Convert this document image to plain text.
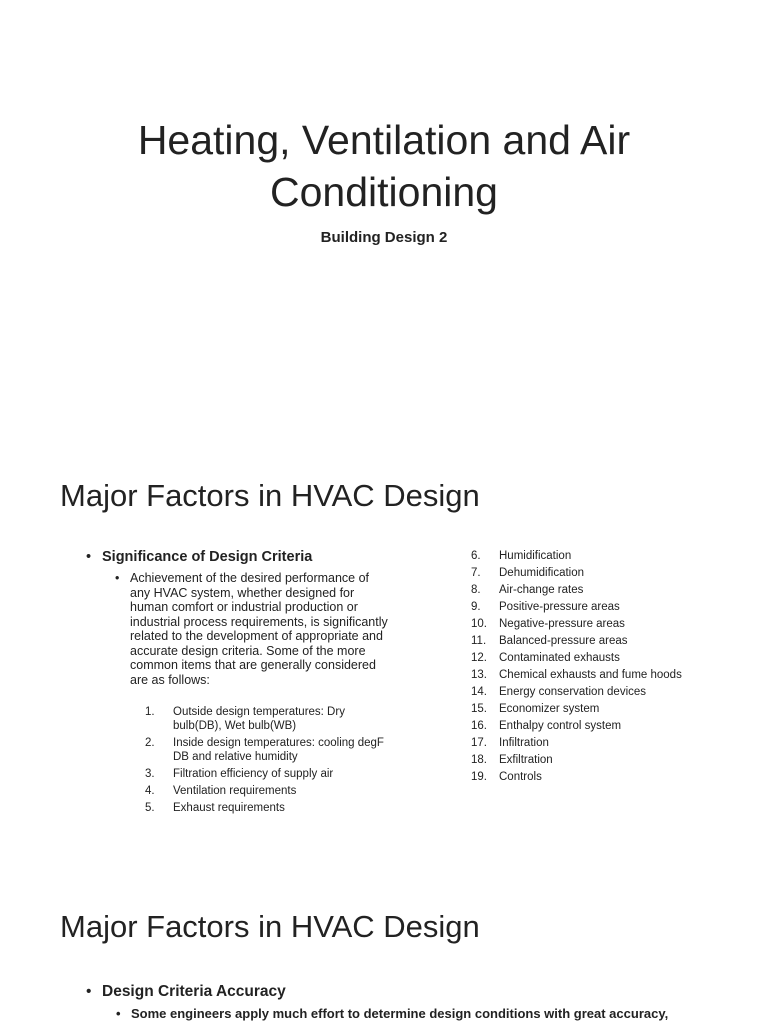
Heating, Ventilation and Air Conditioning

Building Design 2

Major Factors in HVAC Design
• Significance of Design Criteria
• Achievement of the desired performance of any HVAC system, whether designed for human comfort or industrial production or industrial process requirements, is significantly related to the development of appropriate and accurate design criteria. Some of the more common items that are generally considered are as follows:
1. Outside design temperatures: Dry bulb(DB), Wet bulb(WB)
2. Inside design temperatures: cooling degF DB and relative humidity
3. Filtration efficiency of supply air
4. Ventilation requirements
5. Exhaust requirements
6. Humidification
7. Dehumidification
8. Air-change rates
9. Positive-pressure areas
10. Negative-pressure areas
11. Balanced-pressure areas
12. Contaminated exhausts
13. Chemical exhausts and fume hoods
14. Energy conservation devices
15. Economizer system
16. Enthalpy control system
17. Infiltration
18. Exfiltration
19. Controls
Major Factors in HVAC Design
• Design Criteria Accuracy
• Some engineers apply much effort to determine design conditions with great accuracy,
